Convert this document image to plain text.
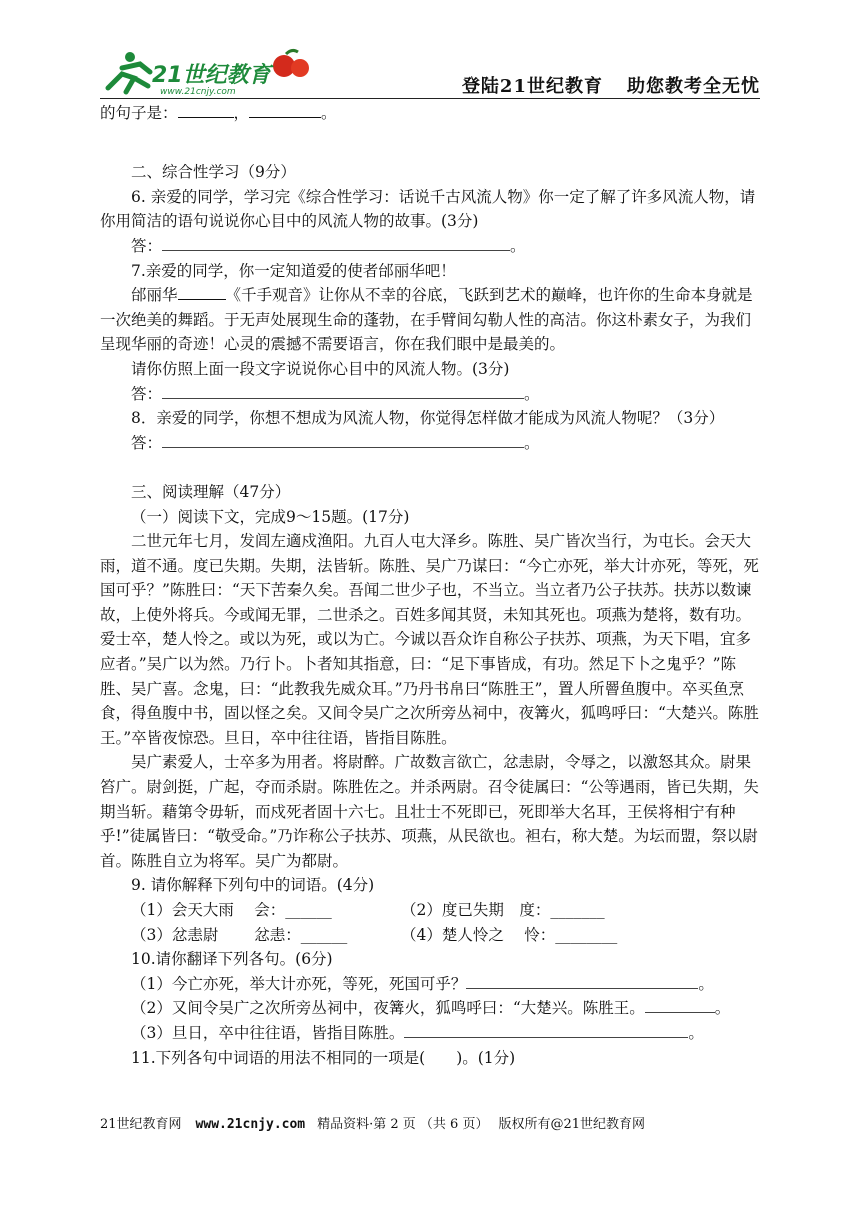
21世纪教育
www.21cnjy.com	登陆21世纪教育 助您教考全无忧

的句子是：	，	。

二、综合性学习（9分）

6. 亲爱的同学，学习完《综合性学习：话说千古风流人物》你一定了解了许多风流人物，请你用简洁的语句说说你心目中的风流人物的故事。(3分)

答：	。

7.亲爱的同学，你一定知道爱的使者邰丽华吧！

邰丽华	《千手观音》让你从不幸的谷底，飞跃到艺术的巅峰，也许你的生命本身就是一次绝美的舞蹈。于无声处展现生命的蓬勃，在手臂间勾勒人性的高洁。你这朴素女子，为我们呈现华丽的奇迹！心灵的震撼不需要语言，你在我们眼中是最美的。

请你仿照上面一段文字说说你心目中的风流人物。(3分)

答：	。

8．亲爱的同学，你想不想成为风流人物，你觉得怎样做才能成为风流人物呢？（3分）

答：	。

三、阅读理解（47分）

（一）阅读下文，完成9～15题。(17分)

二世元年七月，发闾左適戍渔阳。九百人屯大泽乡。陈胜、吴广皆次当行，为屯长。会天大雨，道不通。度已失期。失期，法皆斩。陈胜、吴广乃谋曰：“今亡亦死，举大计亦死，等死，死国可乎？”陈胜曰：“天下苦秦久矣。吾闻二世少子也，不当立。当立者乃公子扶苏。扶苏以数谏故，上使外将兵。今或闻无罪，二世杀之。百姓多闻其贤，未知其死也。项燕为楚将，数有功。爱士卒，楚人怜之。或以为死，或以为亡。今诚以吾众诈自称公子扶苏、项燕，为天下唱，宜多应者。”吴广以为然。乃行卜。卜者知其指意，曰：“足下事皆成，有功。然足下卜之鬼乎？”陈胜、吴广喜。念鬼，曰：“此教我先威众耳。”乃丹书帛曰“陈胜王”，置人所罾鱼腹中。卒买鱼烹食，得鱼腹中书，固以怪之矣。又间令吴广之次所旁丛祠中，夜篝火，狐鸣呼曰：“大楚兴。陈胜王。”卒皆夜惊恐。旦日，卒中往往语，皆指目陈胜。

吴广素爱人，士卒多为用者。将尉醉。广故数言欲亡，忿恚尉，令辱之，以激怒其众。尉果笞广。尉剑挺，广起，夺而杀尉。陈胜佐之。并杀两尉。召令徒属曰：“公等遇雨，皆已失期，失期当斩。藉第令毋斩，而戍死者固十六七。且壮士不死即已，死即举大名耳，王侯将相宁有种乎!”徒属皆曰：“敬受命。”乃诈称公子扶苏、项燕，从民欲也。袒右，称大楚。为坛而盟，祭以尉首。陈胜自立为将军。吴广为都尉。

9. 请你解释下列句中的词语。(4分)

（1）会天大雨　 会：______	（2）度已失期　度：_______
（3）忿恚尉　　 忿恚：______	（4）楚人怜之　 怜：________

10.请你翻译下列各句。(6分)

（1）今亡亦死，举大计亦死，等死，死国可乎？	。

（2）又间令吴广之次所旁丛祠中，夜篝火，狐鸣呼曰：“大楚兴。陈胜王。	。

（3）旦日，卒中往往语，皆指目陈胜。	。

11.下列各句中词语的用法不相同的一项是(　　)。(1分)

21世纪教育网 www.21cnjy.com 精品资料·第 2 页 （共 6 页） 版权所有@21世纪教育网
